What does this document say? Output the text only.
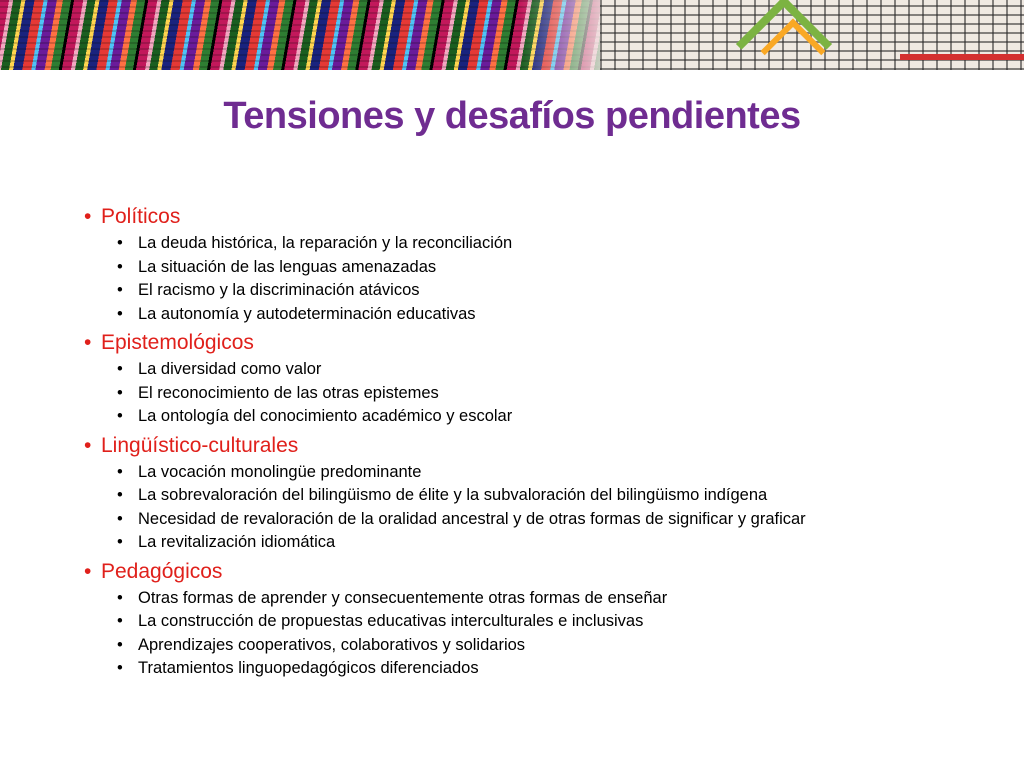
Tensiones y desafíos pendientes
• Políticos
• La deuda histórica, la reparación y la reconciliación
• La situación de las lenguas amenazadas
• El racismo y la discriminación atávicos
• La autonomía y autodeterminación educativas
• Epistemológicos
• La diversidad como valor
• El reconocimiento de las otras epistemes
• La ontología del conocimiento académico y escolar
• Lingüístico-culturales
• La vocación monolingüe predominante
• La sobrevaloración del bilingüismo de élite y la subvaloración del bilingüismo indígena
• Necesidad de revaloración de la oralidad ancestral y de otras formas de significar y graficar
• La revitalización idiomática
• Pedagógicos
• Otras formas de aprender y consecuentemente otras formas de enseñar
• La construcción de propuestas educativas interculturales e inclusivas
• Aprendizajes cooperativos, colaborativos y solidarios
• Tratamientos linguopedagógicos diferenciados
